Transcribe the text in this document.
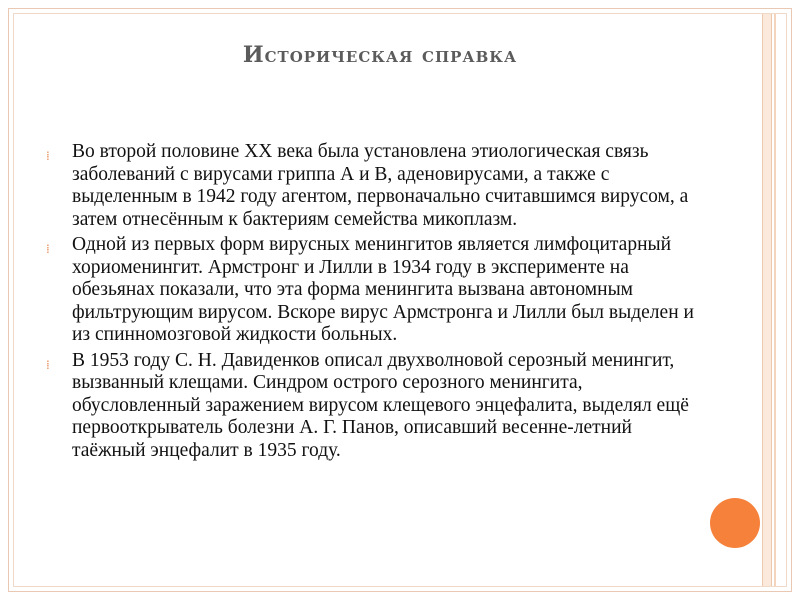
Историческая справка
⁞ Во второй половине XX века была установлена этиологическая связь заболеваний с вирусами гриппа А и В, аденовирусами, а также с выделенным в 1942 году агентом, первоначально считавшимся вирусом, а затем отнесённым к бактериям семейства микоплазм.
⁞ Одной из первых форм вирусных менингитов является лимфоцитарный хориоменингит. Армстронг и Лилли в 1934 году в эксперименте на обезьянах показали, что эта форма менингита вызвана автономным фильтрующим вирусом. Вскоре вирус Армстронга и Лилли был выделен и из спинномозговой жидкости больных.
⁞ В 1953 году С. Н. Давиденков описал двухволновой серозный менингит, вызванный клещами. Синдром острого серозного менингита, обусловленный заражением вирусом клещевого энцефалита, выделял ещё первооткрыватель болезни А. Г. Панов, описавший весенне-летний таёжный энцефалит в 1935 году.
